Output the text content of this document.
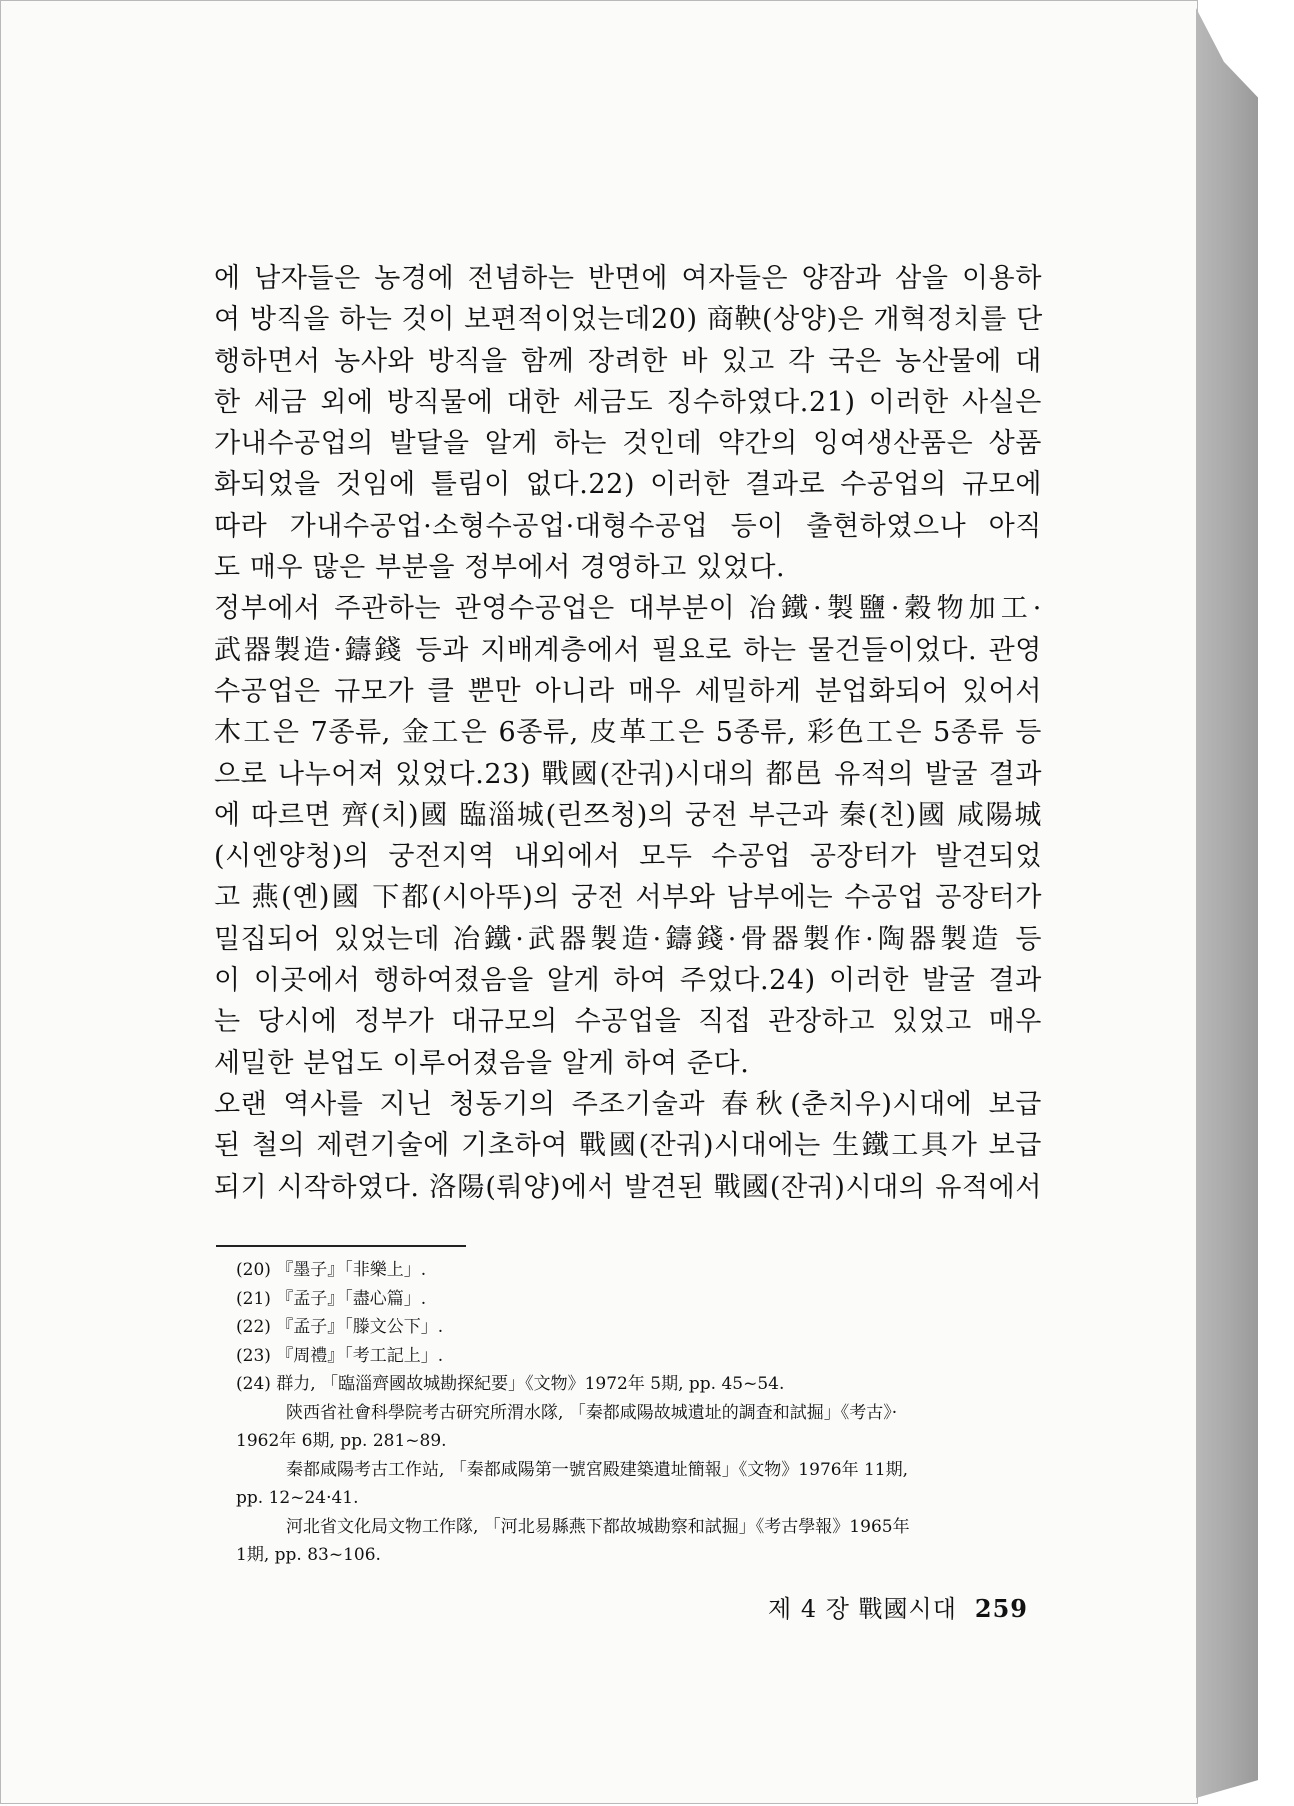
에 남자들은 농경에 전념하는 반면에 여자들은 양잠과 삼을 이용하
여 방직을 하는 것이 보편적이었는데20) 商鞅(상양)은 개혁정치를 단
행하면서 농사와 방직을 함께 장려한 바 있고 각 국은 농산물에 대
한 세금 외에 방직물에 대한 세금도 징수하였다.21) 이러한 사실은
가내수공업의 발달을 알게 하는 것인데 약간의 잉여생산품은 상품
화되었을 것임에 틀림이 없다.22) 이러한 결과로 수공업의 규모에
따라 가내수공업·소형수공업·대형수공업 등이 출현하였으나 아직
도 매우 많은 부분을 정부에서 경영하고 있었다.
정부에서 주관하는 관영수공업은 대부분이 冶鐵·製鹽·穀物加工·
武器製造·鑄錢 등과 지배계층에서 필요로 하는 물건들이었다. 관영
수공업은 규모가 클 뿐만 아니라 매우 세밀하게 분업화되어 있어서
木工은 7종류, 金工은 6종류, 皮革工은 5종류, 彩色工은 5종류 등
으로 나누어져 있었다.23) 戰國(잔궈)시대의 都邑 유적의 발굴 결과
에 따르면 齊(치)國 臨淄城(린쯔청)의 궁전 부근과 秦(친)國 咸陽城
(시엔양청)의 궁전지역 내외에서 모두 수공업 공장터가 발견되었
고 燕(옌)國 下都(시아뚜)의 궁전 서부와 남부에는 수공업 공장터가
밀집되어 있었는데 冶鐵·武器製造·鑄錢·骨器製作·陶器製造 등
이 이곳에서 행하여졌음을 알게 하여 주었다.24) 이러한 발굴 결과
는 당시에 정부가 대규모의 수공업을 직접 관장하고 있었고 매우
세밀한 분업도 이루어졌음을 알게 하여 준다.
오랜 역사를 지닌 청동기의 주조기술과 春秋(춘치우)시대에 보급
된 철의 제련기술에 기초하여 戰國(잔궈)시대에는 生鐵工具가 보급
되기 시작하였다. 洛陽(뤄양)에서 발견된 戰國(잔궈)시대의 유적에서
(20) 『墨子』「非樂上」.
(21) 『孟子』「盡心篇」.
(22) 『孟子』「滕文公下」.
(23) 『周禮』「考工記上」.
(24) 群力, 「臨淄齊國故城勘探紀要」《文物》1972年 5期, pp. 45~54.
陝西省社會科學院考古研究所渭水隊, 「秦都咸陽故城遺址的調査和試掘」《考古》·
1962年 6期, pp. 281~89.
秦都咸陽考古工作站, 「秦都咸陽第一號宮殿建築遺址簡報」《文物》1976年 11期,
pp. 12~24·41.
河北省文化局文物工作隊, 「河北易縣燕下都故城勘察和試掘」《考古學報》1965年
1期, pp. 83~106.
제 4 장 戰國시대 259
